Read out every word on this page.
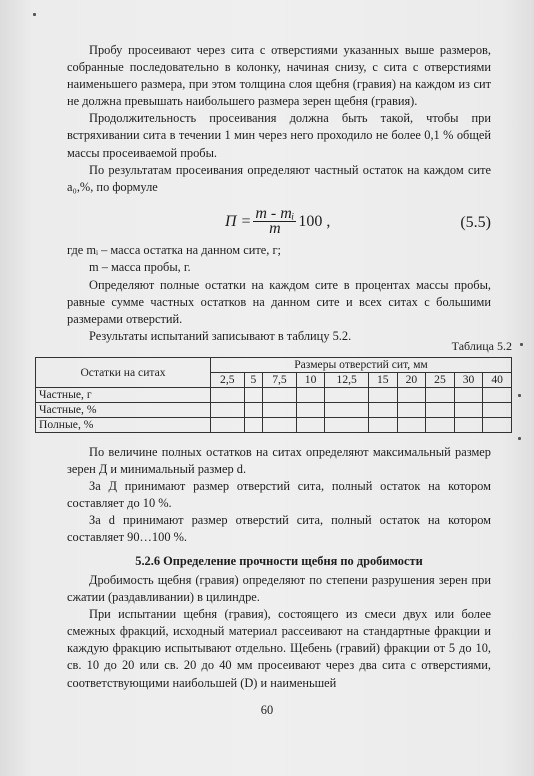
Пробу просеивают через сита с отверстиями указанных выше размеров, собранные последовательно в колонку, начиная снизу, с сита с отверстиями наименьшего размера, при этом толщина слоя щебня (гравия) на каждом из сит не должна превышать наибольшего размера зерен щебня (гравия).

Продолжительность просеивания должна быть такой, чтобы при встряхивании сита в течении 1 мин через него проходило не более 0,1 % общей массы просеиваемой пробы.

По результатам просеивания определяют частный остаток на каждом сите a₀,%, по формуле

$П = \frac{\text{m - mᵢ}}{m} 100$ ,	(5.5)
где mᵢ – масса остатка на данном сите, г;
m – масса пробы, г.

Определяют полные остатки на каждом сите в процентах массы пробы, равные сумме частных остатков на данном сите и всех ситах с большими размерами отверстий.

Результаты испытаний записывают в таблицу 5.2.

Таблица 5.2
Остатки на ситах	Размеры отверстий сит, мм									
	2,5	5	7,5	10	12,5	15	20	25	30	40
Частные, г										
Частные, %										
Полные, %										

По величине полных остатков на ситах определяют максимальный размер зерен Д и минимальный размер d.

За Д принимают размер отверстий сита, полный остаток на котором составляет до 10 %.

За d принимают размер отверстий сита, полный остаток на котором составляет 90…100 %.

5.2.6 Определение прочности щебня по дробимости

Дробимость щебня (гравия) определяют по степени разрушения зерен при сжатии (раздавливании) в цилиндре.

При испытании щебня (гравия), состоящего из смеси двух или более смежных фракций, исходный материал рассеивают на стандартные фракции и каждую фракцию испытывают отдельно. Щебень (гравий) фракции от 5 до 10, св. 10 до 20 или св. 20 до 40 мм просеивают через два сита с отверстиями, соответствующими наибольшей (D) и наименьшей

60
